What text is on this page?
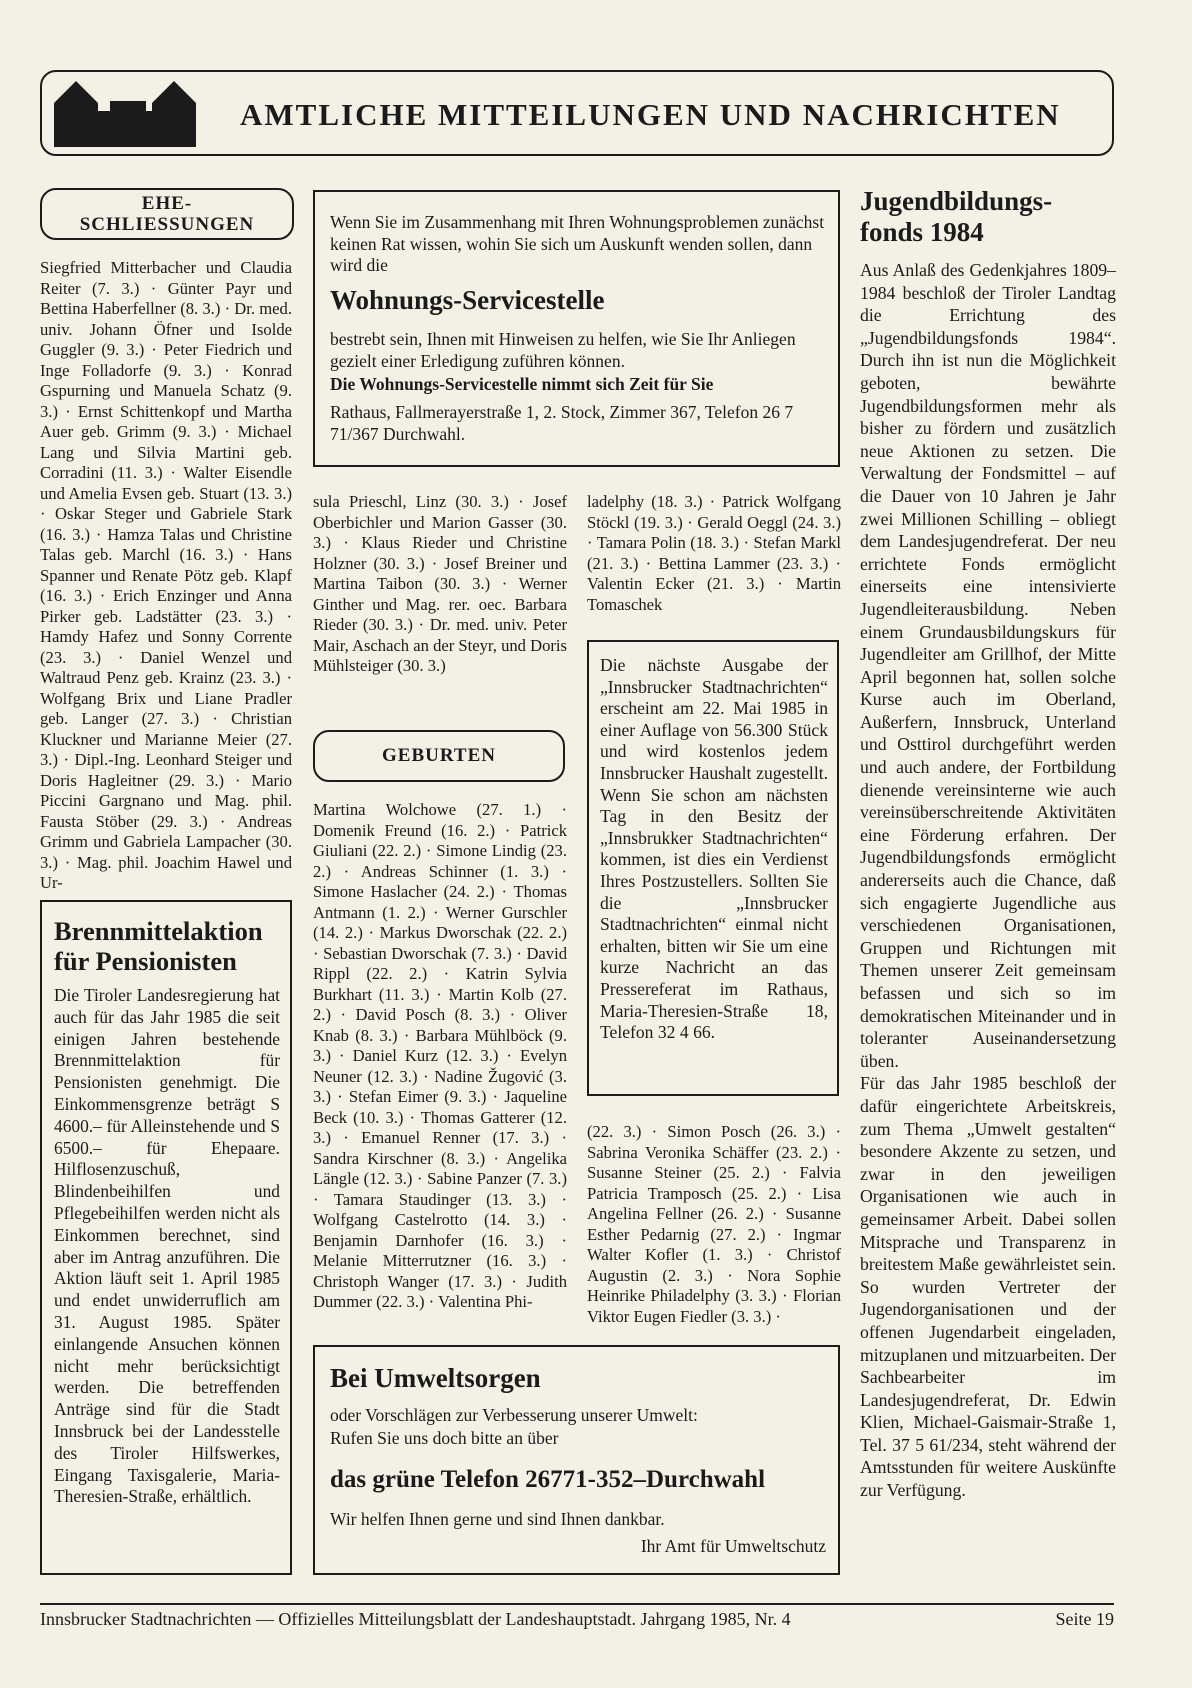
AMTLICHE MITTEILUNGEN UND NACHRICHTEN
EHE-
SCHLIESSUNGEN
Siegfried Mitterbacher und Claudia Reiter (7. 3.) · Günter Payr und Bettina Haberfellner (8. 3.) · Dr. med. univ. Johann Öfner und Isolde Guggler (9. 3.) · Peter Fiedrich und Inge Folladorfe (9. 3.) · Konrad Gspurning und Manuela Schatz (9. 3.) · Ernst Schittenkopf und Martha Auer geb. Grimm (9. 3.) · Michael Lang und Silvia Martini geb. Corradini (11. 3.) · Walter Eisendle und Amelia Evsen geb. Stuart (13. 3.) · Oskar Steger und Gabriele Stark (16. 3.) · Hamza Talas und Christine Talas geb. Marchl (16. 3.) · Hans Spanner und Renate Pötz geb. Klapf (16. 3.) · Erich Enzinger und Anna Pirker geb. Ladstätter (23. 3.) · Hamdy Hafez und Sonny Corrente (23. 3.) · Daniel Wenzel und Waltraud Penz geb. Krainz (23. 3.) · Wolfgang Brix und Liane Pradler geb. Langer (27. 3.) · Christian Kluckner und Marianne Meier (27. 3.) · Dipl.-Ing. Leonhard Steiger und Doris Hagleitner (29. 3.) · Mario Piccini Gargnano und Mag. phil. Fausta Stöber (29. 3.) · Andreas Grimm und Gabriela Lampacher (30. 3.) · Mag. phil. Joachim Hawel und Ur-
Wenn Sie im Zusammenhang mit Ihren Wohnungsproblemen zunächst keinen Rat wissen, wohin Sie sich um Auskunft wenden sollen, dann wird die
Wohnungs-Servicestelle
bestrebt sein, Ihnen mit Hinweisen zu helfen, wie Sie Ihr Anliegen gezielt einer Erledigung zuführen können.
Die Wohnungs-Servicestelle nimmt sich Zeit für Sie
Rathaus, Fallmerayerstraße 1, 2. Stock, Zimmer 367, Telefon 26 7 71/367 Durchwahl.
sula Prieschl, Linz (30. 3.) · Josef Oberbichler und Marion Gasser (30. 3.) · Klaus Rieder und Christine Holzner (30. 3.) · Josef Breiner und Martina Taibon (30. 3.) · Werner Ginther und Mag. rer. oec. Barbara Rieder (30. 3.) · Dr. med. univ. Peter Mair, Aschach an der Steyr, und Doris Mühlsteiger (30. 3.)
ladelphy (18. 3.) · Patrick Wolfgang Stöckl (19. 3.) · Gerald Oeggl (24. 3.) · Tamara Polin (18. 3.) · Stefan Markl (21. 3.) · Bettina Lammer (23. 3.) · Valentin Ecker (21. 3.) · Martin Tomaschek
GEBURTEN
Martina Wolchowe (27. 1.) · Domenik Freund (16. 2.) · Patrick Giuliani (22. 2.) · Simone Lindig (23. 2.) · Andreas Schinner (1. 3.) · Simone Haslacher (24. 2.) · Thomas Antmann (1. 2.) · Werner Gurschler (14. 2.) · Markus Dworschak (22. 2.) · Sebastian Dworschak (7. 3.) · David Rippl (22. 2.) · Katrin Sylvia Burkhart (11. 3.) · Martin Kolb (27. 2.) · David Posch (8. 3.) · Oliver Knab (8. 3.) · Barbara Mühlböck (9. 3.) · Daniel Kurz (12. 3.) · Evelyn Neuner (12. 3.) · Nadine Žugović (3. 3.) · Stefan Eimer (9. 3.) · Jaqueline Beck (10. 3.) · Thomas Gatterer (12. 3.) · Emanuel Renner (17. 3.) · Sandra Kirschner (8. 3.) · Angelika Längle (12. 3.) · Sabine Panzer (7. 3.) · Tamara Staudinger (13. 3.) · Wolfgang Castelrotto (14. 3.) · Benjamin Darnhofer (16. 3.) · Melanie Mitterrutzner (16. 3.) · Christoph Wanger (17. 3.) · Judith Dummer (22. 3.) · Valentina Phi-
Die nächste Ausgabe der „Innsbrucker Stadtnachrichten“ erscheint am 22. Mai 1985 in einer Auflage von 56.300 Stück und wird kostenlos jedem Innsbrucker Haushalt zugestellt. Wenn Sie schon am nächsten Tag in den Besitz der „Innsbrukker Stadtnachrichten“ kommen, ist dies ein Verdienst Ihres Postzustellers. Sollten Sie die „Innsbrucker Stadtnachrichten“ einmal nicht erhalten, bitten wir Sie um eine kurze Nachricht an das Pressereferat im Rathaus, Maria-Theresien-Straße 18, Telefon 32 4 66.
(22. 3.) · Simon Posch (26. 3.) · Sabrina Veronika Schäffer (23. 2.) · Susanne Steiner (25. 2.) · Falvia Patricia Tramposch (25. 2.) · Lisa Angelina Fellner (26. 2.) · Susanne Esther Pedarnig (27. 2.) · Ingmar Walter Kofler (1. 3.) · Christof Augustin (2. 3.) · Nora Sophie Heinrike Philadelphy (3. 3.) · Florian Viktor Eugen Fiedler (3. 3.) ·
Brennmittelaktion
für Pensionisten
Die Tiroler Landesregierung hat auch für das Jahr 1985 die seit einigen Jahren bestehende Brennmittelaktion für Pensionisten genehmigt. Die Einkommensgrenze beträgt S 4600.– für Alleinstehende und S 6500.– für Ehepaare. Hilflosenzuschuß, Blindenbeihilfen und Pflegebeihilfen werden nicht als Einkommen berechnet, sind aber im Antrag anzuführen. Die Aktion läuft seit 1. April 1985 und endet unwiderruflich am 31. August 1985. Später einlangende Ansuchen können nicht mehr berücksichtigt werden. Die betreffenden Anträge sind für die Stadt Innsbruck bei der Landesstelle des Tiroler Hilfswerkes, Eingang Taxisgalerie, Maria-Theresien-Straße, erhältlich.
Bei Umweltsorgen
oder Vorschlägen zur Verbesserung unserer Umwelt:
Rufen Sie uns doch bitte an über
das grüne Telefon 26771-352–Durchwahl
Wir helfen Ihnen gerne und sind Ihnen dankbar.
Ihr Amt für Umweltschutz
Jugendbildungs-
fonds 1984
Aus Anlaß des Gedenkjahres 1809–1984 beschloß der Tiroler Landtag die Errichtung des „Jugendbildungsfonds 1984“. Durch ihn ist nun die Möglichkeit geboten, bewährte Jugendbildungsformen mehr als bisher zu fördern und zusätzlich neue Aktionen zu setzen. Die Verwaltung der Fondsmittel – auf die Dauer von 10 Jahren je Jahr zwei Millionen Schilling – obliegt dem Landesjugendreferat. Der neu errichtete Fonds ermöglicht einerseits eine intensivierte Jugendleiterausbildung. Neben einem Grundausbildungskurs für Jugendleiter am Grillhof, der Mitte April begonnen hat, sollen solche Kurse auch im Oberland, Außerfern, Innsbruck, Unterland und Osttirol durchgeführt werden und auch andere, der Fortbildung dienende vereinsinterne wie auch vereinsüberschreitende Aktivitäten eine Förderung erfahren. Der Jugendbildungsfonds ermöglicht andererseits auch die Chance, daß sich engagierte Jugendliche aus verschiedenen Organisationen, Gruppen und Richtungen mit Themen unserer Zeit gemeinsam befassen und sich so im demokratischen Miteinander und in toleranter Auseinandersetzung üben.
Für das Jahr 1985 beschloß der dafür eingerichtete Arbeitskreis, zum Thema „Umwelt gestalten“ besondere Akzente zu setzen, und zwar in den jeweiligen Organisationen wie auch in gemeinsamer Arbeit. Dabei sollen Mitsprache und Transparenz in breitestem Maße gewährleistet sein. So wurden Vertreter der Jugendorganisationen und der offenen Jugendarbeit eingeladen, mitzuplanen und mitzuarbeiten. Der Sachbearbeiter im Landesjugendreferat, Dr. Edwin Klien, Michael-Gaismair-Straße 1, Tel. 37 5 61/234, steht während der Amtsstunden für weitere Auskünfte zur Verfügung.
Innsbrucker Stadtnachrichten — Offizielles Mitteilungsblatt der Landeshauptstadt. Jahrgang 1985, Nr. 4	Seite 19
